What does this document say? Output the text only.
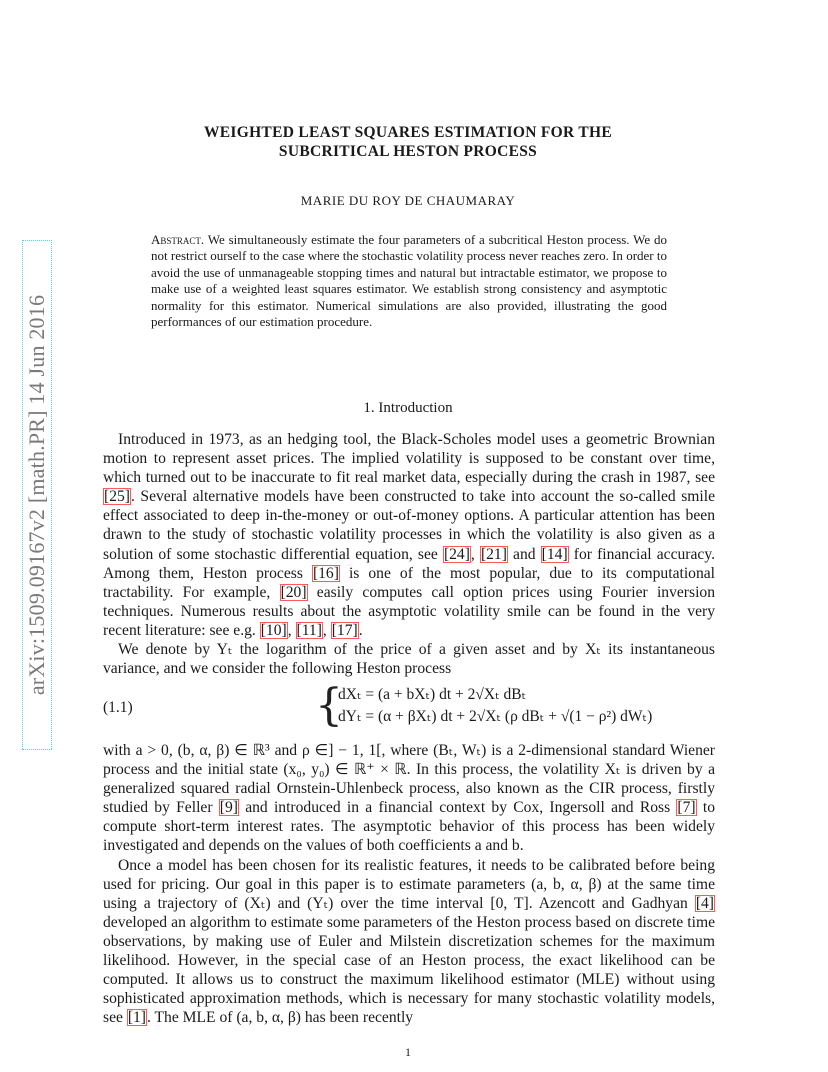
arXiv:1509.09167v2 [math.PR] 14 Jun 2016
WEIGHTED LEAST SQUARES ESTIMATION FOR THE
SUBCRITICAL HESTON PROCESS
MARIE DU ROY DE CHAUMARAY
Abstract. We simultaneously estimate the four parameters of a subcritical Heston process. We do not restrict ourself to the case where the stochastic volatility process never reaches zero. In order to avoid the use of unmanageable stopping times and natural but intractable estimator, we propose to make use of a weighted least squares estimator. We establish strong consistency and asymptotic normality for this estimator. Numerical simulations are also provided, illustrating the good performances of our estimation procedure.
1. Introduction

Introduced in 1973, as an hedging tool, the Black-Scholes model uses a geometric Brownian motion to represent asset prices. The implied volatility is supposed to be constant over time, which turned out to be inaccurate to fit real market data, especially during the crash in 1987, see [25]. Several alternative models have been constructed to take into account the so-called smile effect associated to deep in-the-money or out-of-money options. A particular attention has been drawn to the study of stochastic volatility processes in which the volatility is also given as a solution of some stochastic differential equation, see [24], [21] and [14] for financial accuracy. Among them, Heston process [16] is one of the most popular, due to its computational tractability. For example, [20] easily computes call option prices using Fourier inversion techniques. Numerous results about the asymptotic volatility smile can be found in the very recent literature: see e.g. [10], [11], [17].

We denote by Yₜ the logarithm of the price of a given asset and by Xₜ its instantaneous variance, and we consider the following Heston process

(1.1)	{
dXₜ = (a + bXₜ) dt + 2√Xₜ dBₜ
dYₜ = (α + βXₜ) dt + 2√Xₜ (ρ dBₜ + √(1 − ρ²) dWₜ)

with a > 0, (b, α, β) ∈ ℝ³ and ρ ∈] − 1, 1[, where (Bₜ, Wₜ) is a 2-dimensional standard Wiener process and the initial state (x₀, y₀) ∈ ℝ⁺ × ℝ. In this process, the volatility Xₜ is driven by a generalized squared radial Ornstein-Uhlenbeck process, also known as the CIR process, firstly studied by Feller [9] and introduced in a financial context by Cox, Ingersoll and Ross [7] to compute short-term interest rates. The asymptotic behavior of this process has been widely investigated and depends on the values of both coefficients a and b.

Once a model has been chosen for its realistic features, it needs to be calibrated before being used for pricing. Our goal in this paper is to estimate parameters (a, b, α, β) at the same time using a trajectory of (Xₜ) and (Yₜ) over the time interval [0, T]. Azencott and Gadhyan [4] developed an algorithm to estimate some parameters of the Heston process based on discrete time observations, by making use of Euler and Milstein discretization schemes for the maximum likelihood. However, in the special case of an Heston process, the exact likelihood can be computed. It allows us to construct the maximum likelihood estimator (MLE) without using sophisticated approximation methods, which is necessary for many stochastic volatility models, see [1]. The MLE of (a, b, α, β) has been recently

1
